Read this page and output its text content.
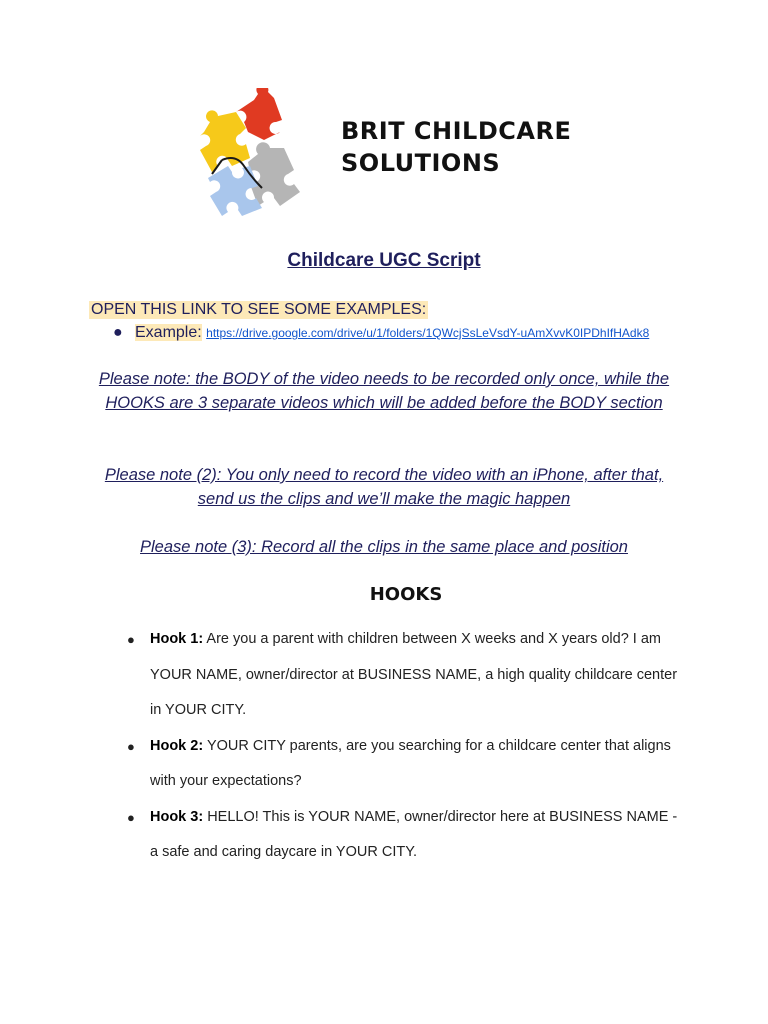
BRIT CHILDCARE
SOLUTIONS
Childcare UGC Script
OPEN THIS LINK TO SEE SOME EXAMPLES:
● Example: https://drive.google.com/drive/u/1/folders/1QWcjSsLeVsdY-uAmXvvK0IPDhIfHAdk8
Please note: the BODY of the video needs to be recorded only once, while the HOOKS are 3 separate videos which will be added before the BODY section
Please note (2): You only need to record the video with an iPhone, after that, send us the clips and we’ll make the magic happen
Please note (3): Record all the clips in the same place and position
HOOKS
● Hook 1: Are you a parent with children between X weeks and X years old? I am YOUR NAME, owner/director at BUSINESS NAME, a high quality childcare center in YOUR CITY.
● Hook 2: YOUR CITY parents, are you searching for a childcare center that aligns with your expectations?
● Hook 3: HELLO! This is YOUR NAME, owner/director here at BUSINESS NAME - a safe and caring daycare in YOUR CITY.
